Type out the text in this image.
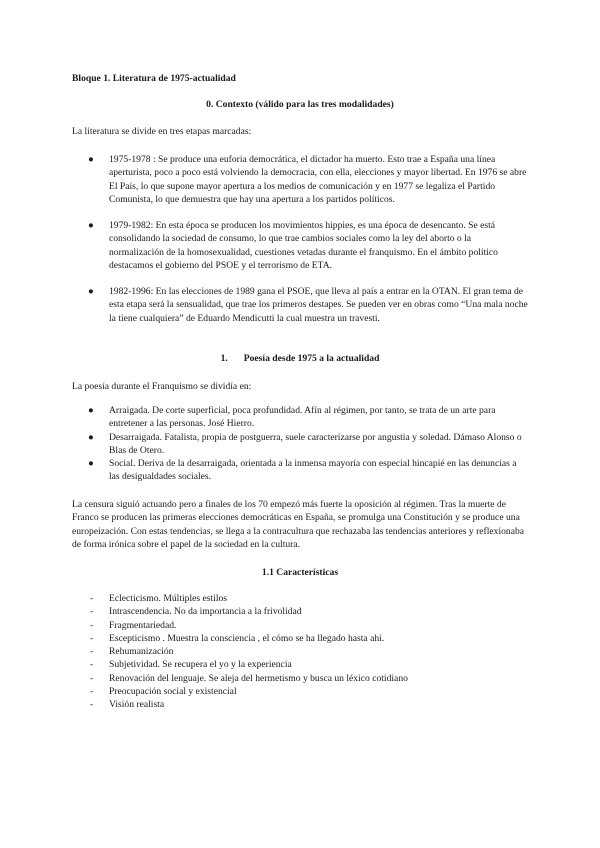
Bloque 1. Literatura de 1975-actualidad

0. Contexto (válido para las tres modalidades)

La literatura se divide en tres etapas marcadas:

● 1975-1978 : Se produce una euforia democrática, el dictador ha muerto. Esto trae a España una línea aperturista, poco a poco está volviendo la democracia, con ella, elecciones y mayor libertad. En 1976 se abre El País, lo que supone mayor apertura a los medios de comunicación y en 1977 se legaliza el Partido Comunista, lo que demuestra que hay una apertura a los partidos políticos.
● 1979-1982: En esta época se producen los movimientos hippies, es una época de desencanto. Se está consolidando la sociedad de consumo, lo que trae cambios sociales como la ley del aborto o la normalización de la homosexualidad, cuestiones vetadas durante el franquismo. En el ámbito político destacamos el gobierno del PSOE y el terrorismo de ETA.
● 1982-1996: En las elecciones de 1989 gana el PSOE, que lleva al país a entrar en la OTAN. El gran tema de esta etapa será la sensualidad, que trae los primeros destapes. Se pueden ver en obras como “Una mala noche la tiene cualquiera” de Eduardo Mendicutti la cual muestra un travesti.

1. Poesía desde 1975 a la actualidad

La poesía durante el Franquismo se dividía en:

● Arraigada. De corte superficial, poca profundidad. Afín al régimen, por tanto, se trata de un arte para entretener a las personas. José Hierro.
● Desarraigada. Fatalista, propia de postguerra, suele caracterizarse por angustia y soledad. Dámaso Alonso o Blas de Otero.
● Social. Deriva de la desarraigada, orientada a la inmensa mayoría con especial hincapié en las denuncias a las desigualdades sociales.

La censura siguió actuando pero a finales de los 70 empezó más fuerte la oposición al régimen. Tras la muerte de Franco se producen las primeras elecciones democráticas en España, se promulga una Constitución y se produce una europeización. Con estas tendencias, se llega a la contracultura que rechazaba las tendencias anteriores y reflexionaba de forma irónica sobre el papel de la sociedad en la cultura.

1.1 Características

- Eclecticismo. Múltiples estilos
- Intrascendencia. No da importancia a la frivolidad
- Fragmentariedad.
- Escepticismo . Muestra la consciencia , el cómo se ha llegado hasta ahí.
- Rehumanización
- Subjetividad. Se recupera el yo y la experiencia
- Renovación del lenguaje. Se aleja del hermetismo y busca un léxico cotidiano
- Preocupación social y existencial
- Visión realista
